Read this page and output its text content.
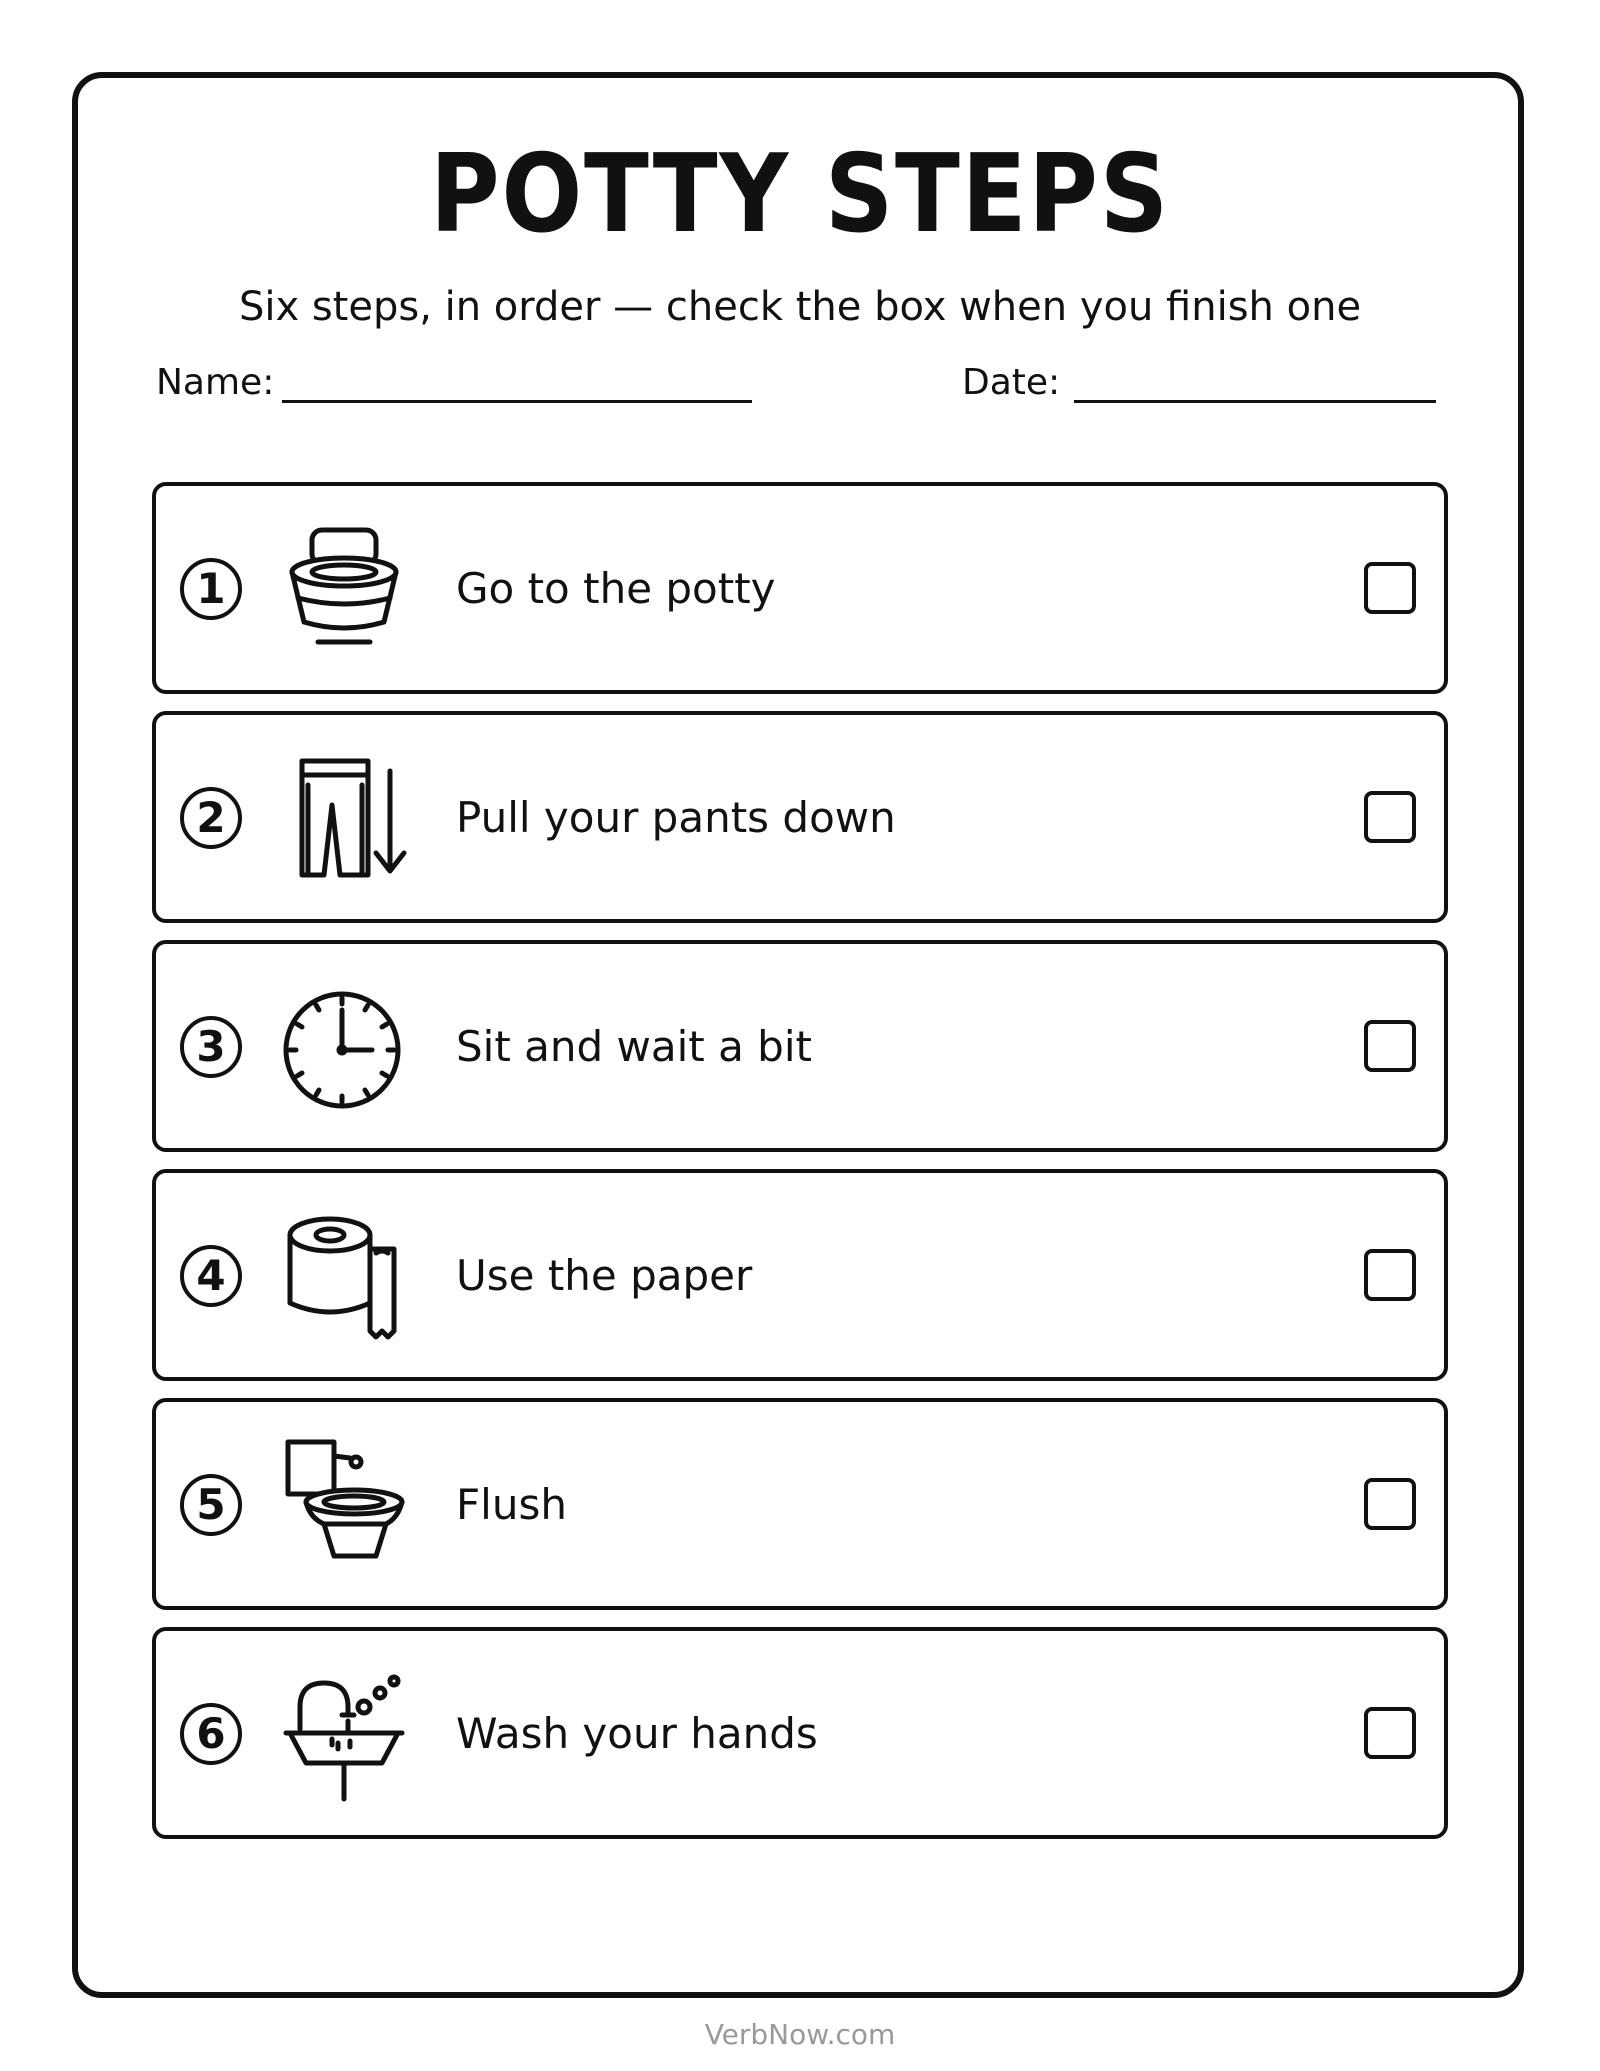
POTTY STEPS
Six steps, in order — check the box when you finish one
Name:	Date:
1	Go to the potty
2	Pull your pants down
3	Sit and wait a bit
4	Use the paper
5	Flush
6	Wash your hands
VerbNow.com
